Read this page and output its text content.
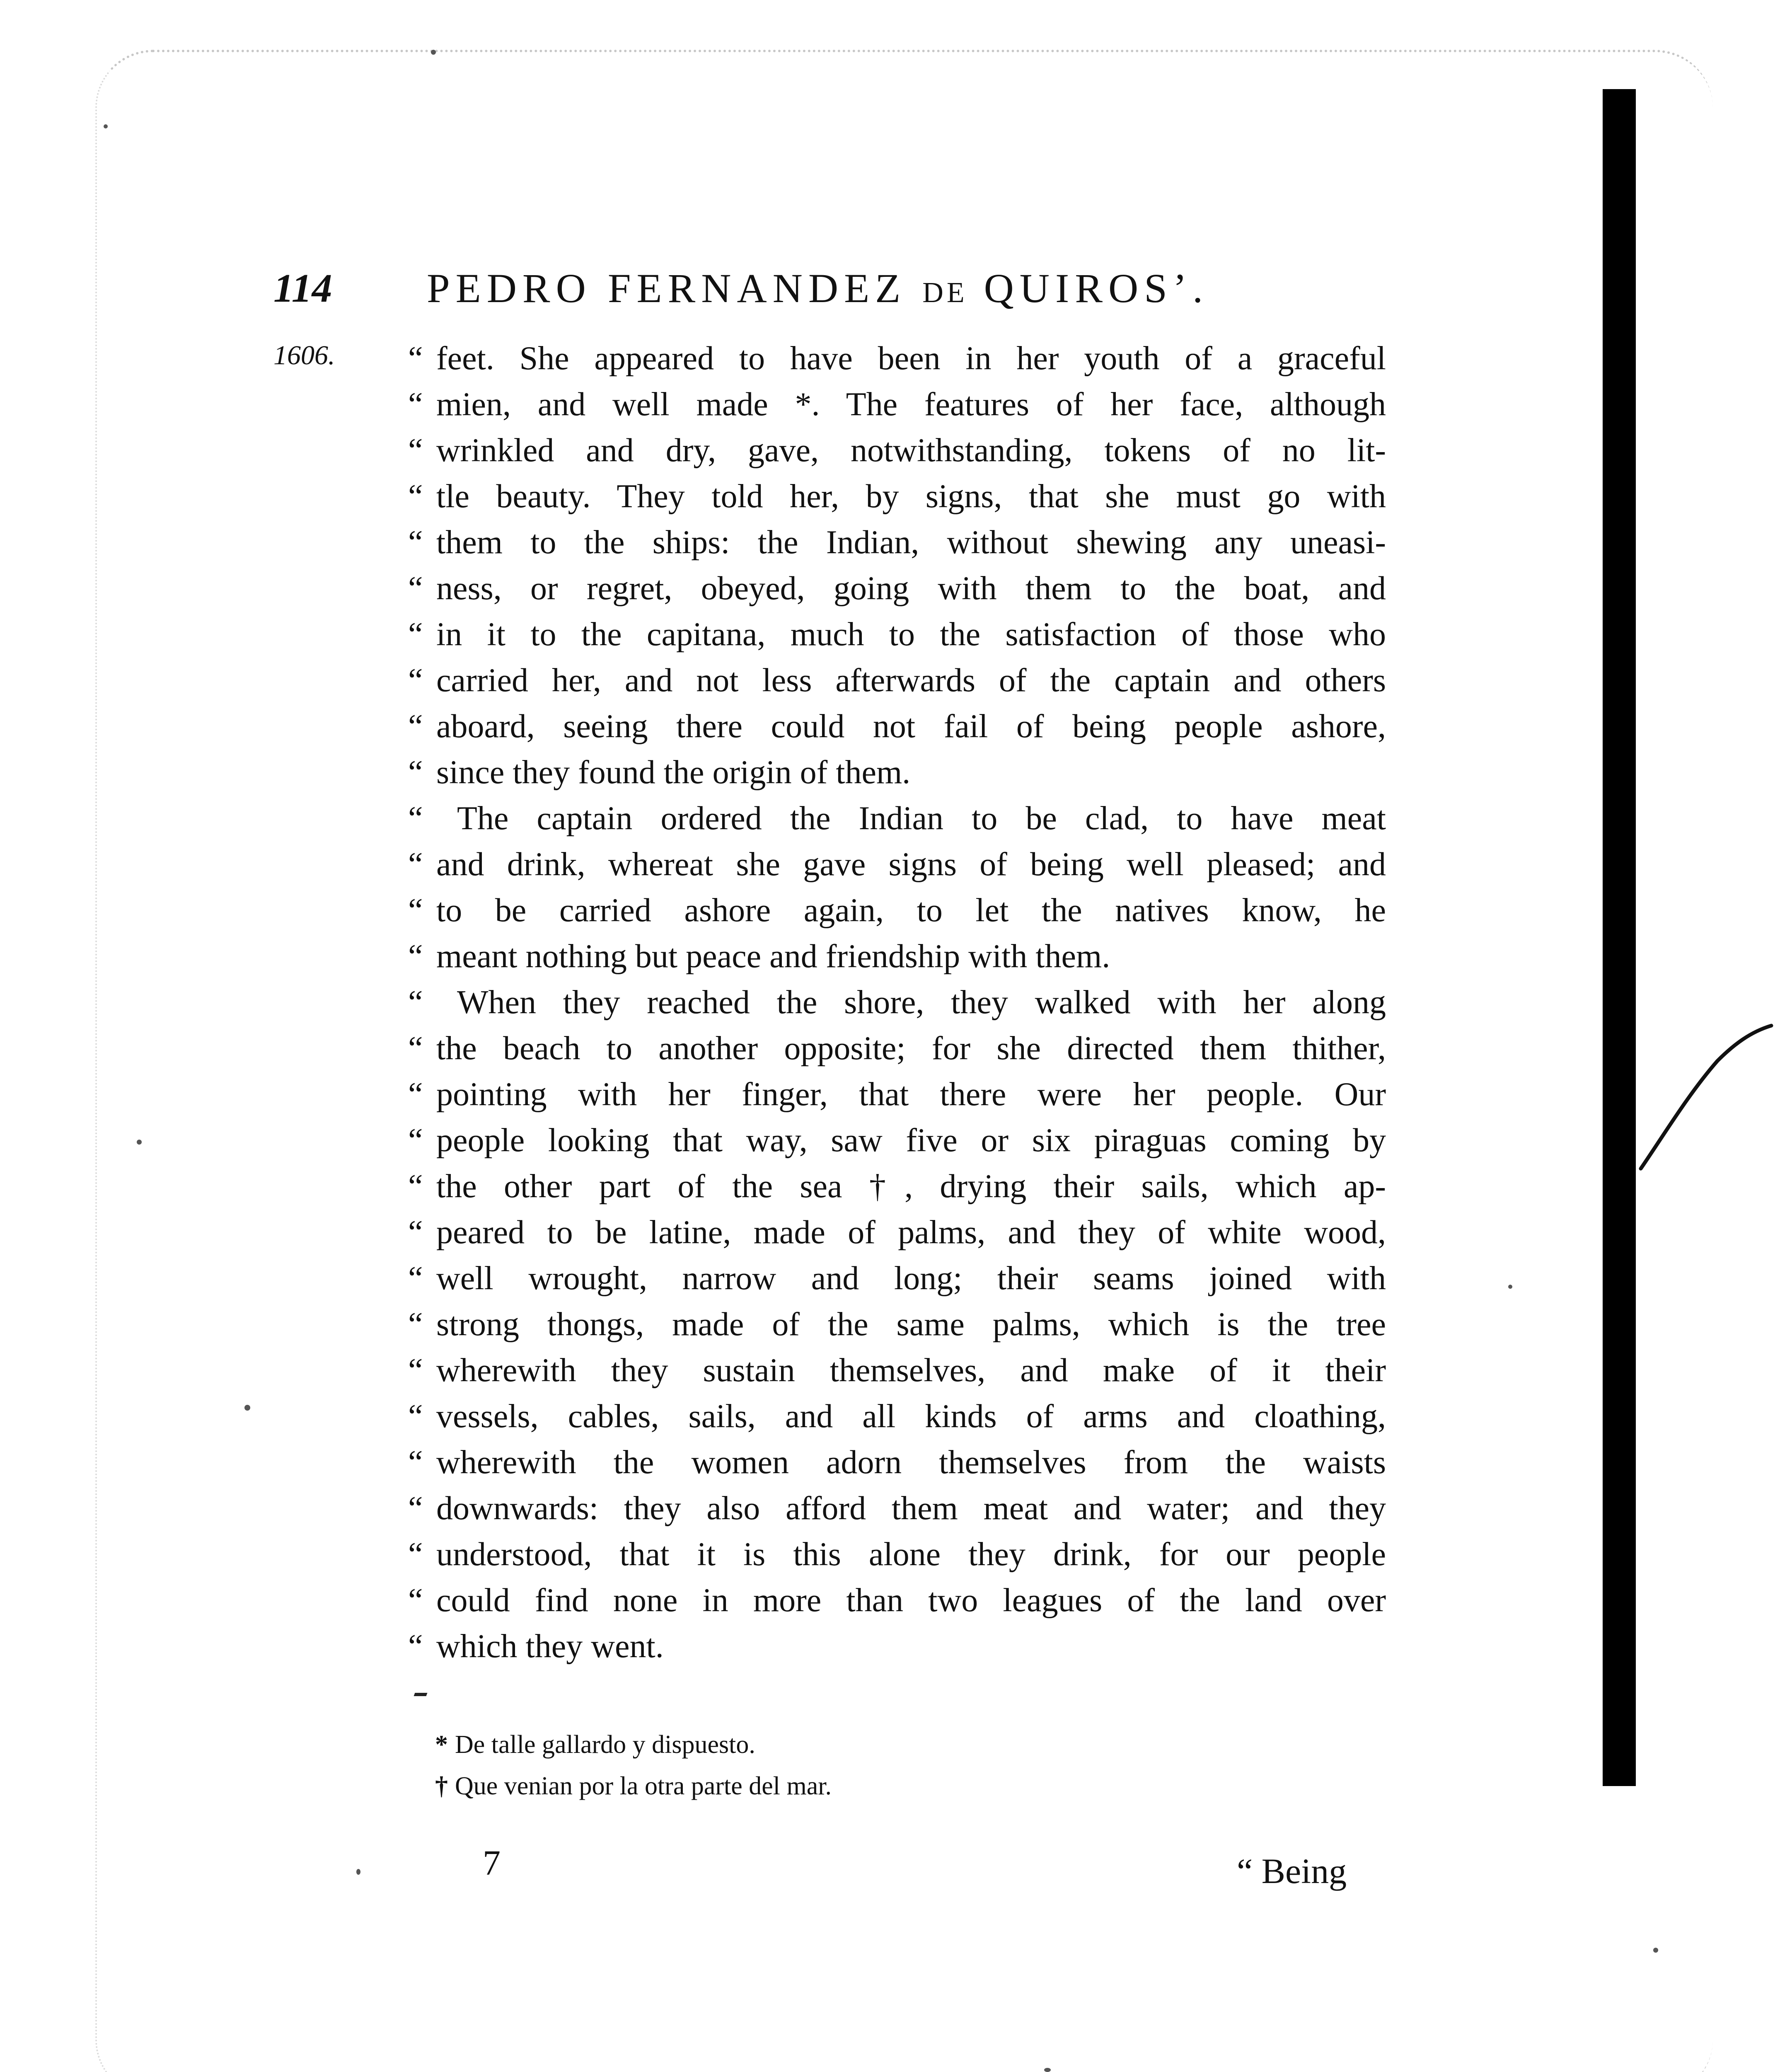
114 PEDRO FERNANDEZ DE QUIROS’.
1606. “ feet. She appeared to have been in her youth of a graceful
“ mien, and well made *. The features of her face, although
“ wrinkled and dry, gave, notwithstanding, tokens of no lit-
“ tle beauty. They told her, by signs, that she must go with
“ them to the ships: the Indian, without shewing any uneasi-
“ ness, or regret, obeyed, going with them to the boat, and
“ in it to the capitana, much to the satisfaction of those who
“ carried her, and not less afterwards of the captain and others
“ aboard, seeing there could not fail of being people ashore,
“ since they found the origin of them.
“ The captain ordered the Indian to be clad, to have meat
“ and drink, whereat she gave signs of being well pleased; and
“ to be carried ashore again, to let the natives know, he
“ meant nothing but peace and friendship with them.
“ When they reached the shore, they walked with her along
“ the beach to another opposite; for she directed them thither,
“ pointing with her finger, that there were her people. Our
“ people looking that way, saw five or six piraguas coming by
“ the other part of the sea †, drying their sails, which ap-
“ peared to be latine, made of palms, and they of white wood,
“ well wrought, narrow and long; their seams joined with
“ strong thongs, made of the same palms, which is the tree
“ wherewith they sustain themselves, and make of it their
“ vessels, cables, sails, and all kinds of arms and cloathing,
“ wherewith the women adorn themselves from the waists
“ downwards: they also afford them meat and water; and they
“ understood, that it is this alone they drink, for our people
“ could find none in more than two leagues of the land over
“ which they went.
* De talle gallardo y dispuesto.
† Que venian por la otra parte del mar.
7	“ Being
